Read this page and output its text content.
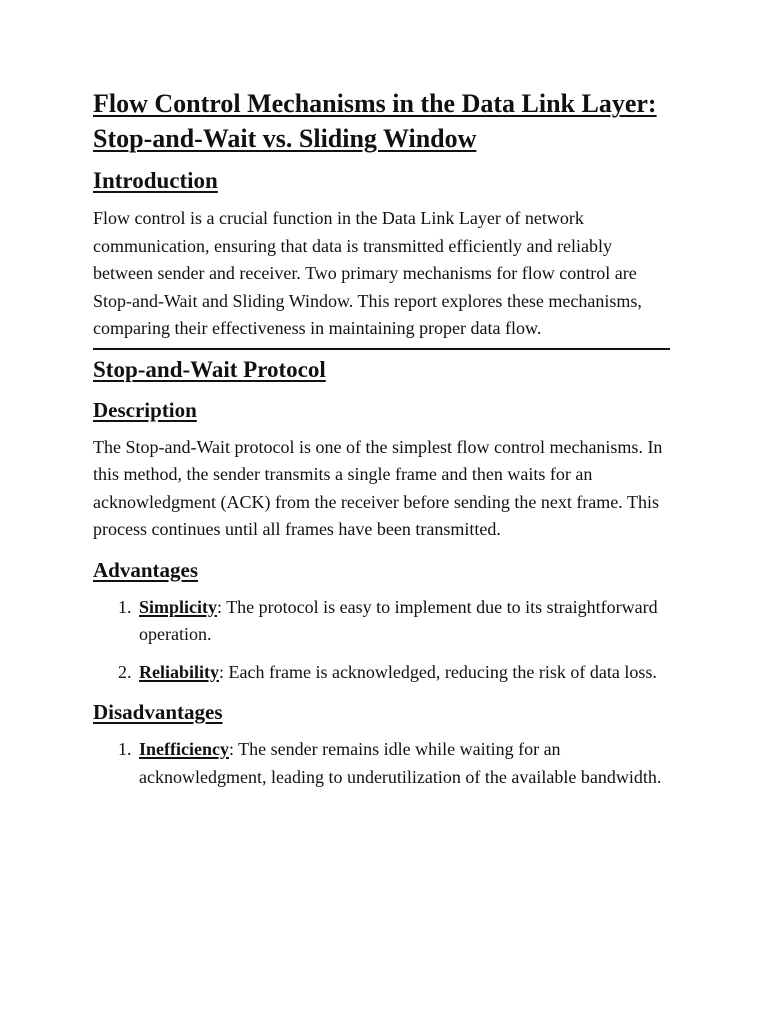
Flow Control Mechanisms in the Data Link Layer: Stop-and-Wait vs. Sliding Window
Introduction

Flow control is a crucial function in the Data Link Layer of network communication, ensuring that data is transmitted efficiently and reliably between sender and receiver. Two primary mechanisms for flow control are Stop-and-Wait and Sliding Window. This report explores these mechanisms, comparing their effectiveness in maintaining proper data flow.

Stop-and-Wait Protocol
Description

The Stop-and-Wait protocol is one of the simplest flow control mechanisms. In this method, the sender transmits a single frame and then waits for an acknowledgment (ACK) from the receiver before sending the next frame. This process continues until all frames have been transmitted.

Advantages
1. Simplicity: The protocol is easy to implement due to its straightforward operation.
2. Reliability: Each frame is acknowledged, reducing the risk of data loss.
Disadvantages
1. Inefficiency: The sender remains idle while waiting for an acknowledgment, leading to underutilization of the available bandwidth.
